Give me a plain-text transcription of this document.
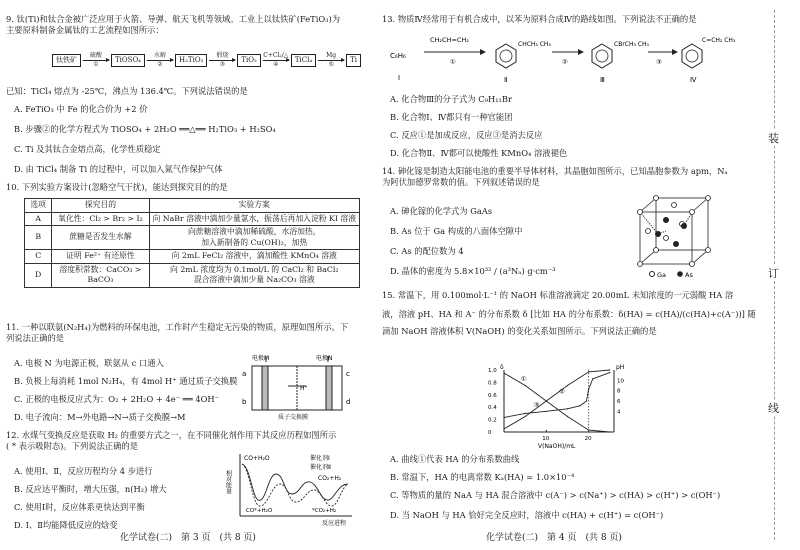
9. 钛(Ti)和钛合金被广泛应用于火箭、导弹、航天飞机等领域。工业上以钛铁矿(FeTiO₃)为
主要原料制备金属钛的工艺流程如图所示：
钛铁矿
硫酸
①
TiOSO₄
水解
②
H₂TiO₃
煅烧
③
TiO₂
C+Cl₂/△
④
TiCl₄
Mg
⑤
Ti
已知：TiCl₄ 熔点为 -25℃，沸点为 136.4℃。下列说法错误的是
A. FeTiO₃ 中 Fe 的化合价为 +2 价
B. 步骤②的化学方程式为 TiOSO₄ + 2H₂O ══△══ H₂TiO₃ + H₂SO₄
C. Ti 及其钛合金熔点高，化学性质稳定
D. 由 TiCl₄ 制备 Ti 的过程中，可以加入氮气作保护气体
10. 下列实验方案设计(忽略空气干扰)，能达到探究目的的是
选项	探究目的	实验方案
A	氧化性：Cl₂ > Br₂ > I₂	向 NaBr 溶液中滴加少量氯水，振荡后再加入淀粉 KI 溶液
B	蔗糖是否发生水解	向蔗糖溶液中滴加稀硫酸，水浴加热，
加入新制备的 Cu(OH)₂，加热

C	证明 Fe²⁺ 有还原性	向 2mL FeCl₂ 溶液中，滴加酸性 KMnO₄ 溶液
D	溶度积常数：CaCO₃ > BaCO₃	向 2mL 浓度均为 0.1mol/L 的 CaCl₂ 和 BaCl₂
混合溶液中滴加少量 Na₂CO₃ 溶液
11. 一种以联氨(N₂H₄)为燃料的环保电池，工作时产生稳定无污染的物质，原理如图所示。下
列说法正确的是
A. 电极 N 为电源正极，联氨从 c 口通入
B. 负极上每消耗 1mol N₂H₄，有 4mol H⁺ 通过质子交换膜
C. 正极的电极反应式为：O₂ + 2H₂O + 4e⁻ ══ 4OH⁻
D. 电子流向：M→外电路→N→质子交换膜→M
电极M	电极N
H⁺
a
b
c
d
质子交换膜
12. 水煤气变换反应是获取 H₂ 的重要方式之一，在不同催化剂作用下其反应历程如图所示
( * 表示吸附态)。下列说法正确的是
A. 使用Ⅰ、Ⅱ，反应历程均分 4 步进行
B. 反应达平衡时，增大压强，n(H₂) 增大
C. 使用Ⅰ时，反应体系更快达到平衡
D. Ⅰ、Ⅱ均能降低反应的焓变
相对能量
反应进程
CO+H₂O	催化剂Ⅰ
催化剂Ⅱ
CO₂+H₂
CO*+H₂O	*CO₂+H₂
化学试卷(二)　第 3 页　(共 8 页)
13. 物质Ⅳ经常用于有机合成中，以苯为原料合成Ⅳ的路线如图。下列说法不正确的是
C₆H₆
Ⅰ
CH₂CH=CH₂
①
CHCH₃ CH₃
Ⅱ
②
CBrCH₃ CH₃
Ⅲ
③
C=CH₂ CH₃
Ⅳ
A. 化合物Ⅲ的分子式为 C₉H₁₁Br
B. 化合物Ⅰ、Ⅳ都只有一种官能团
C. 反应①是加成反应，反应③是消去反应
D. 化合物Ⅱ、Ⅳ都可以使酸性 KMnO₄ 溶液褪色
14. 砷化镓是制造太阳能电池的重要半导体材料，其晶胞如图所示，已知晶胞参数为 apm，Nₐ
为阿伏加德罗常数的值。下列叙述错误的是
A. 砷化镓的化学式为 GaAs
B. As 位于 Ga 构成的八面体空隙中
C. As 的配位数为 4
D. 晶体的密度为 5.8×10³² / (a³Nₐ) g·cm⁻³	Ga	As
15. 常温下，用 0.100mol·L⁻¹ 的 NaOH 标准溶液滴定 20.00mL 未知浓度的一元弱酸 HA 溶
液，溶液 pH、HA 和 A⁻ 的分布系数 δ [比如 HA 的分布系数：δ(HA) = c(HA)/(c(HA)+c(A⁻))] 随
滴加 NaOH 溶液体积 V(NaOH) 的变化关系如图所示。下列说法正确的是
δ	pH
V(NaOH)/mL
1.0
0.8
0.6
0.4
0.2
0
10
8
6
4
10	20
①
②
③
A. 曲线①代表 HA 的分布系数曲线
B. 常温下，HA 的电离常数 Kₐ(HA) = 1.0×10⁻⁴
C. 等物质的量的 NaA 与 HA 混合溶液中 c(A⁻) > c(Na⁺) > c(HA) > c(H⁺) > c(OH⁻)
D. 当 NaOH 与 HA 恰好完全反应时，溶液中 c(HA) + c(H⁺) = c(OH⁻)
化学试卷(二)　第 4 页　(共 8 页)
装
订
线
